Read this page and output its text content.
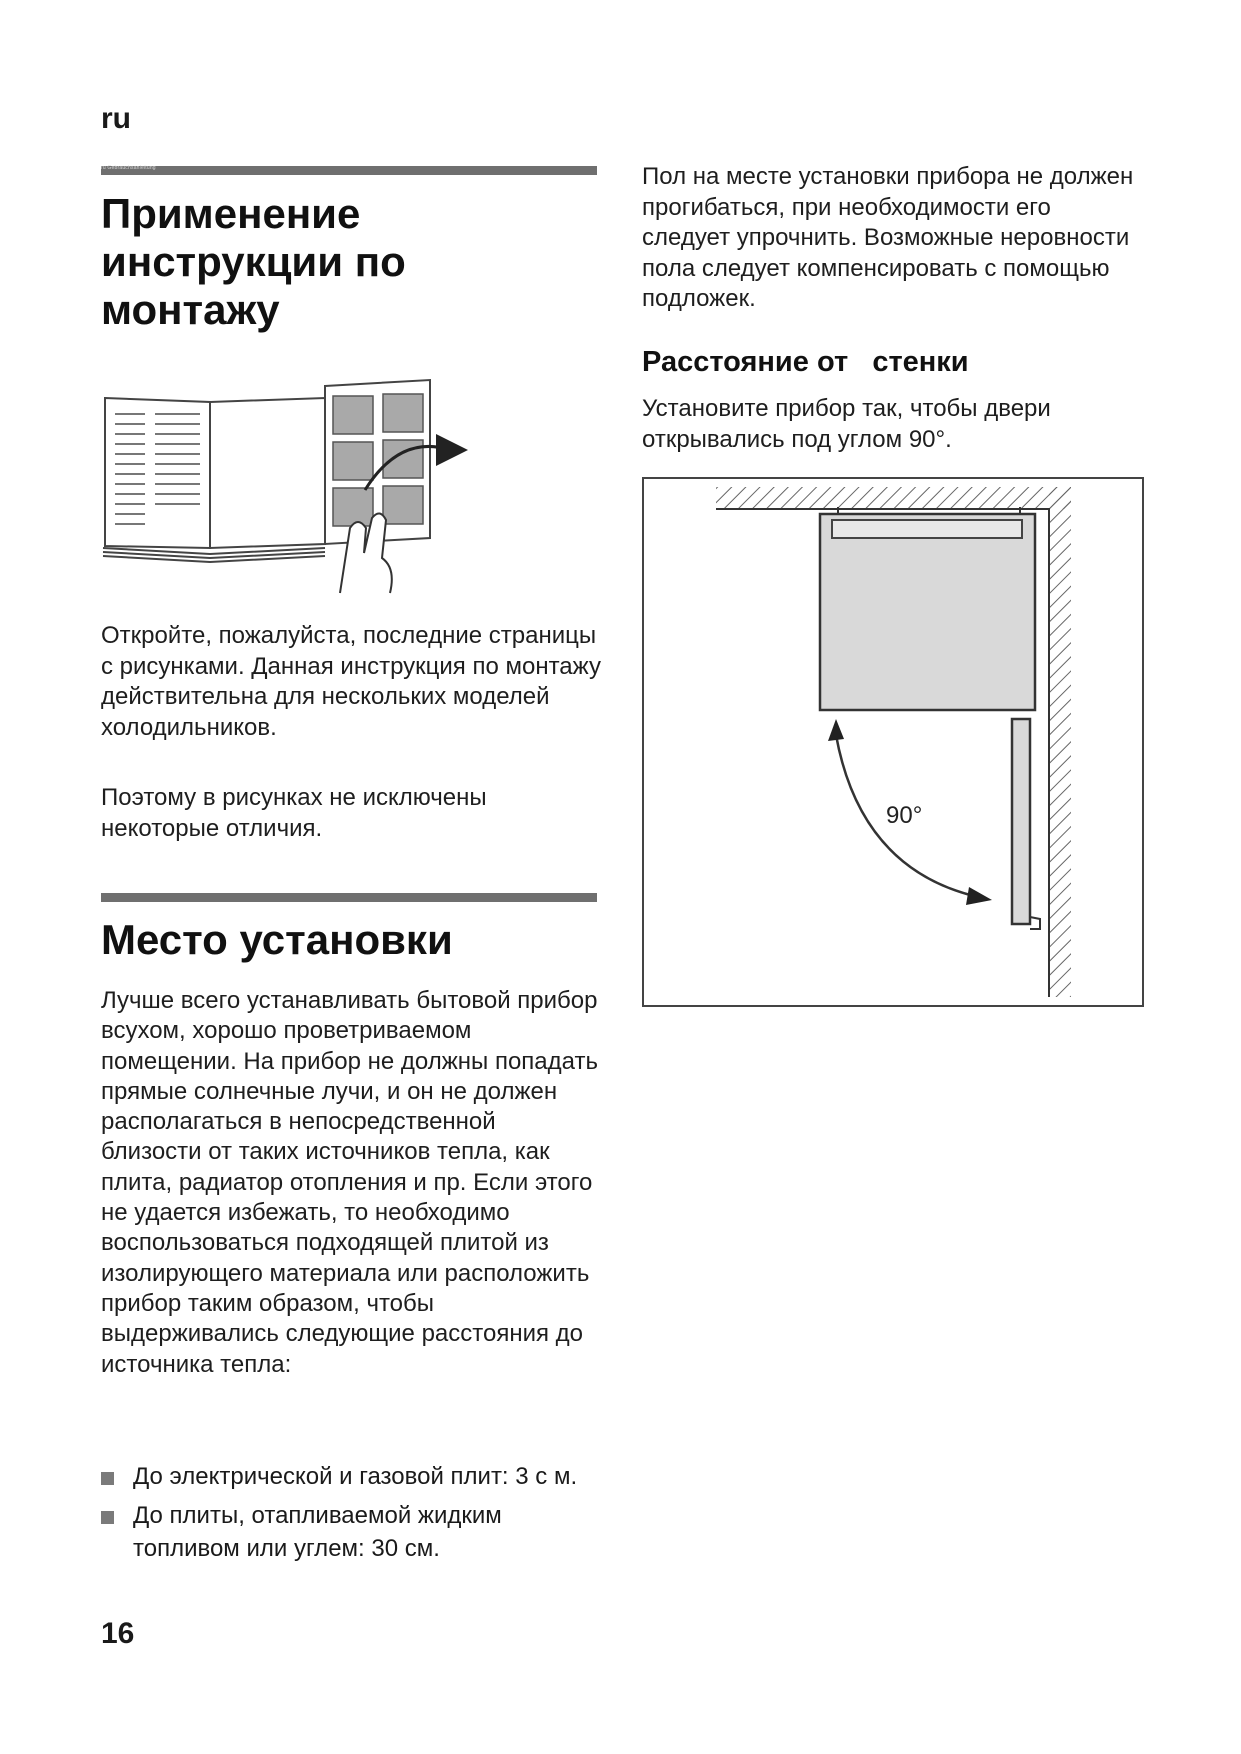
ru
ru Gebrauchsanleitung
Применение
инструкции по
монтажу

Откройте, пожалуйста, последние страницы с рисунками. Данная инструкция по монтажу действительна для нескольких моделей холодильников.

Поэтому в рисунках не исключены некоторые отличия.

Место установки

Лучше всего устанавливать бытовой прибор всухом, хорошо проветриваемом помещении. На прибор не должны попадать прямые солнечные лучи, и он не должен располагаться в непосредственной близости от таких источников тепла, как плита, радиатор отопления и пр. Если этого не удается избежать, то необходимо воспользоваться подходящей плитой из изолирующего материала или расположить прибор таким образом, чтобы выдерживались следующие расстояния до источника тепла:

До электрической и газовой плит: 3 с м.
До плиты, отапливаемой жидким топливом или углем: 30 см.

Пол на месте установки прибора не должен прогибаться, при необходимости его следует упрочнить. Возможные неровности пола следует компенсировать с помощью подложек.

Расстояние от   стенки

Установите прибор так, чтобы двери открывались под углом 90°.

90°
16
